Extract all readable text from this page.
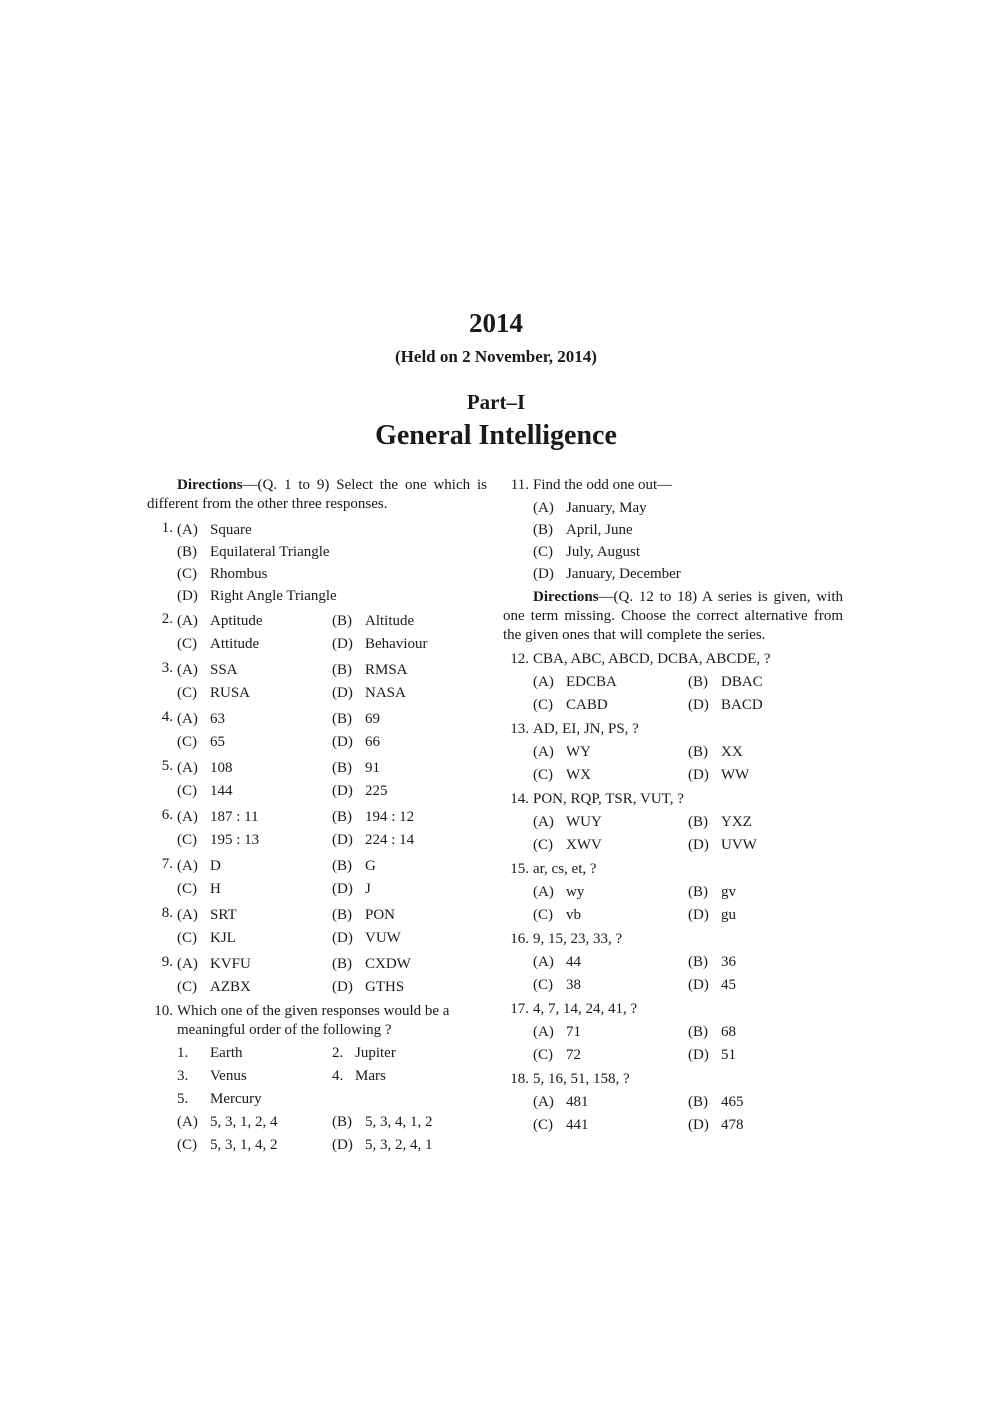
2014
(Held on 2 November, 2014)
Part–I
General Intelligence
Directions—(Q. 1 to 9) Select the one which is different from the other three responses.
1. (A) Square
(B) Equilateral Triangle
(C) Rhombus
(D) Right Angle Triangle
2. (A) Aptitude	(B) Altitude
(C) Attitude	(D) Behaviour
3. (A) SSA	(B) RMSA
(C) RUSA	(D) NASA
4. (A) 63	(B) 69
(C) 65	(D) 66
5. (A) 108	(B) 91
(C) 144	(D) 225
6. (A) 187 : 11	(B) 194 : 12
(C) 195 : 13	(D) 224 : 14
7. (A) D	(B) G
(C) H	(D) J
8. (A) SRT	(B) PON
(C) KJL	(D) VUW
9. (A) KVFU	(B) CXDW
(C) AZBX	(D) GTHS
10. Which one of the given responses would be a meaningful order of the following ?
1.	Earth	2. Jupiter
3.	Venus	4. Mars
5.	Mercury
(A) 5, 3, 1, 2, 4	(B) 5, 3, 4, 1, 2
(C) 5, 3, 1, 4, 2	(D) 5, 3, 2, 4, 1
11. Find the odd one out—
(A) January, May
(B) April, June
(C) July, August
(D) January, December
Directions—(Q. 12 to 18) A series is given, with one term missing. Choose the correct alternative from the given ones that will complete the series.
12. CBA, ABC, ABCD, DCBA, ABCDE, ?
(A) EDCBA	(B) DBAC
(C) CABD	(D) BACD
13. AD, EI, JN, PS, ?
(A) WY	(B) XX
(C) WX	(D) WW
14. PON, RQP, TSR, VUT, ?
(A) WUY	(B) YXZ
(C) XWV	(D) UVW
15. ar, cs, et, ?
(A) wy	(B) gv
(C) vb	(D) gu
16. 9, 15, 23, 33, ?
(A) 44	(B) 36
(C) 38	(D) 45
17. 4, 7, 14, 24, 41, ?
(A) 71	(B) 68
(C) 72	(D) 51
18. 5, 16, 51, 158, ?
(A) 481	(B) 465
(C) 441	(D) 478
